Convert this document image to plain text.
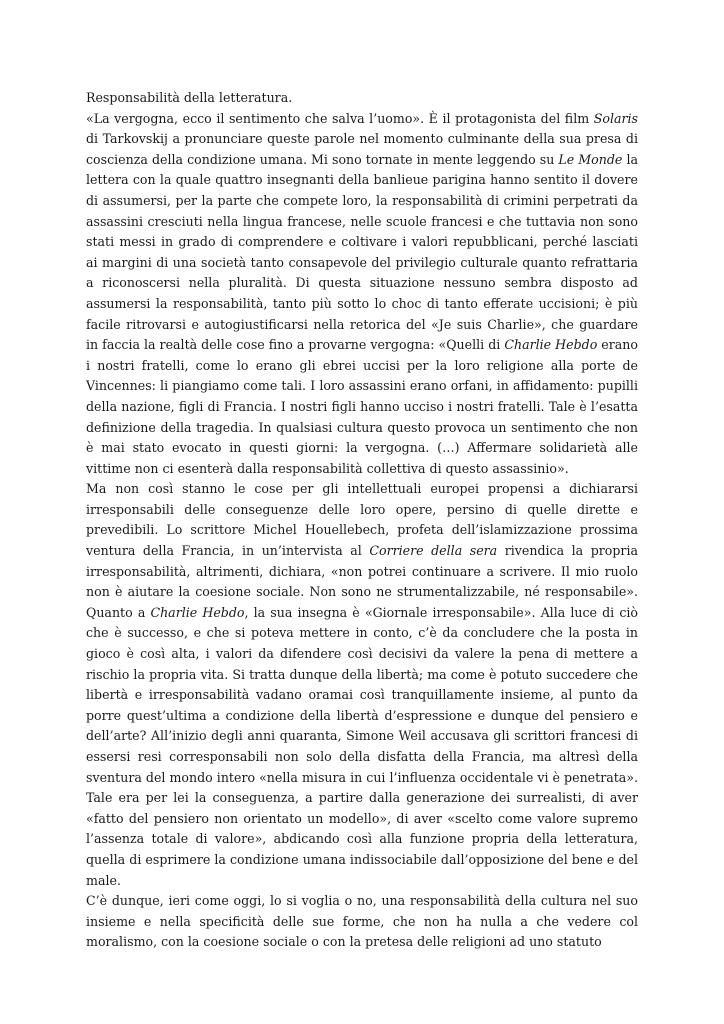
Responsabilità della letteratura.

«La vergogna, ecco il sentimento che salva l’uomo». È il protagonista del film Solaris di Tarkovskij a pronunciare queste parole nel momento culminante della sua presa di coscienza della condizione umana. Mi sono tornate in mente leggendo su Le Monde la lettera con la quale quattro insegnanti della banlieue parigina hanno sentito il dovere di assumersi, per la parte che compete loro, la responsabilità di crimini perpetrati da assassini cresciuti nella lingua francese, nelle scuole francesi e che tuttavia non sono stati messi in grado di comprendere e coltivare i valori repubblicani, perché lasciati ai margini di una società tanto consapevole del privilegio culturale quanto refrattaria a riconoscersi nella pluralità. Di questa situazione nessuno sembra disposto ad assumersi la responsabilità, tanto più sotto lo choc di tanto efferate uccisioni; è più facile ritrovarsi e autogiustificarsi nella retorica del «Je suis Charlie», che guardare in faccia la realtà delle cose fino a provarne vergogna: «Quelli di Charlie Hebdo erano i nostri fratelli, come lo erano gli ebrei uccisi per la loro religione alla porte de Vincennes: li piangiamo come tali. I loro assassini erano orfani, in affidamento: pupilli della nazione, figli di Francia. I nostri figli hanno ucciso i nostri fratelli. Tale è l’esatta definizione della tragedia. In qualsiasi cultura questo provoca un sentimento che non è mai stato evocato in questi giorni: la vergogna. (…) Affermare solidarietà alle vittime non ci esenterà dalla responsabilità collettiva di questo assassinio».

Ma non così stanno le cose per gli intellettuali europei propensi a dichiararsi irresponsabili delle conseguenze delle loro opere, persino di quelle dirette e prevedibili. Lo scrittore Michel Houellebech, profeta dell’islamizzazione prossima ventura della Francia, in un’intervista al Corriere della sera rivendica la propria irresponsabilità, altrimenti, dichiara, «non potrei continuare a scrivere. Il mio ruolo non è aiutare la coesione sociale. Non sono ne strumentalizzabile, né responsabile». Quanto a Charlie Hebdo, la sua insegna è «Giornale irresponsabile». Alla luce di ciò che è successo, e che si poteva mettere in conto, c’è da concludere che la posta in gioco è così alta, i valori da difendere così decisivi da valere la pena di mettere a rischio la propria vita. Si tratta dunque della libertà; ma come è potuto succedere che libertà e irresponsabilità vadano oramai così tranquillamente insieme, al punto da porre quest’ultima a condizione della libertà d’espressione e dunque del pensiero e dell’arte? All’inizio degli anni quaranta, Simone Weil accusava gli scrittori francesi di essersi resi corresponsabili non solo della disfatta della Francia, ma altresì della sventura del mondo intero «nella misura in cui l’influenza occidentale vi è penetrata». Tale era per lei la conseguenza, a partire dalla generazione dei surrealisti, di aver «fatto del pensiero non orientato un modello», di aver «scelto come valore supremo l’assenza totale di valore», abdicando così alla funzione propria della letteratura, quella di esprimere la condizione umana indissociabile dall’opposizione del bene e del male.

C’è dunque, ieri come oggi, lo si voglia o no, una responsabilità della cultura nel suo insieme e nella specificità delle sue forme, che non ha nulla a che vedere col moralismo, con la coesione sociale o con la pretesa delle religioni ad uno statuto
